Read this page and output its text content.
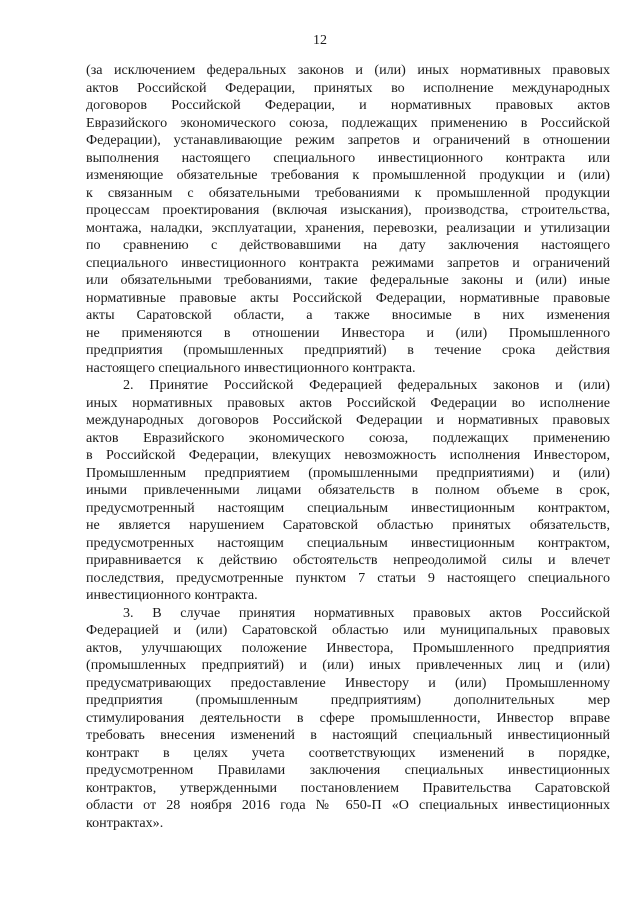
12
(за исключением федеральных законов и (или) иных нормативных правовых
актов Российской Федерации, принятых во исполнение международных
договоров Российской Федерации, и нормативных правовых актов
Евразийского экономического союза, подлежащих применению в Российской
Федерации), устанавливающие режим запретов и ограничений в отношении
выполнения настоящего специального инвестиционного контракта или
изменяющие обязательные требования к промышленной продукции и (или)
к связанным с обязательными требованиями к промышленной продукции
процессам проектирования (включая изыскания), производства, строительства,
монтажа, наладки, эксплуатации, хранения, перевозки, реализации и утилизации
по сравнению с действовавшими на дату заключения настоящего
специального инвестиционного контракта режимами запретов и ограничений
или обязательными требованиями, такие федеральные законы и (или) иные
нормативные правовые акты Российской Федерации, нормативные правовые
акты Саратовской области, а также вносимые в них изменения
не применяются в отношении Инвестора и (или) Промышленного
предприятия (промышленных предприятий) в течение срока действия
настоящего специального инвестиционного контракта.
2. Принятие Российской Федерацией федеральных законов и (или)
иных нормативных правовых актов Российской Федерации во исполнение
международных договоров Российской Федерации и нормативных правовых
актов Евразийского экономического союза, подлежащих применению
в Российской Федерации, влекущих невозможность исполнения Инвестором,
Промышленным предприятием (промышленными предприятиями) и (или)
иными привлеченными лицами обязательств в полном объеме в срок,
предусмотренный настоящим специальным инвестиционным контрактом,
не является нарушением Саратовской областью принятых обязательств,
предусмотренных настоящим специальным инвестиционным контрактом,
приравнивается к действию обстоятельств непреодолимой силы и влечет
последствия, предусмотренные пунктом 7 статьи 9 настоящего специального
инвестиционного контракта.
3. В случае принятия нормативных правовых актов Российской
Федерацией и (или) Саратовской областью или муниципальных правовых
актов, улучшающих положение Инвестора, Промышленного предприятия
(промышленных предприятий) и (или) иных привлеченных лиц и (или)
предусматривающих предоставление Инвестору и (или) Промышленному
предприятия (промышленным предприятиям) дополнительных мер
стимулирования деятельности в сфере промышленности, Инвестор вправе
требовать внесения изменений в настоящий специальный инвестиционный
контракт в целях учета соответствующих изменений в порядке,
предусмотренном Правилами заключения специальных инвестиционных
контрактов, утвержденными постановлением Правительства Саратовской
области от 28 ноября 2016 года № 650-П «О специальных инвестиционных
контрактах».
